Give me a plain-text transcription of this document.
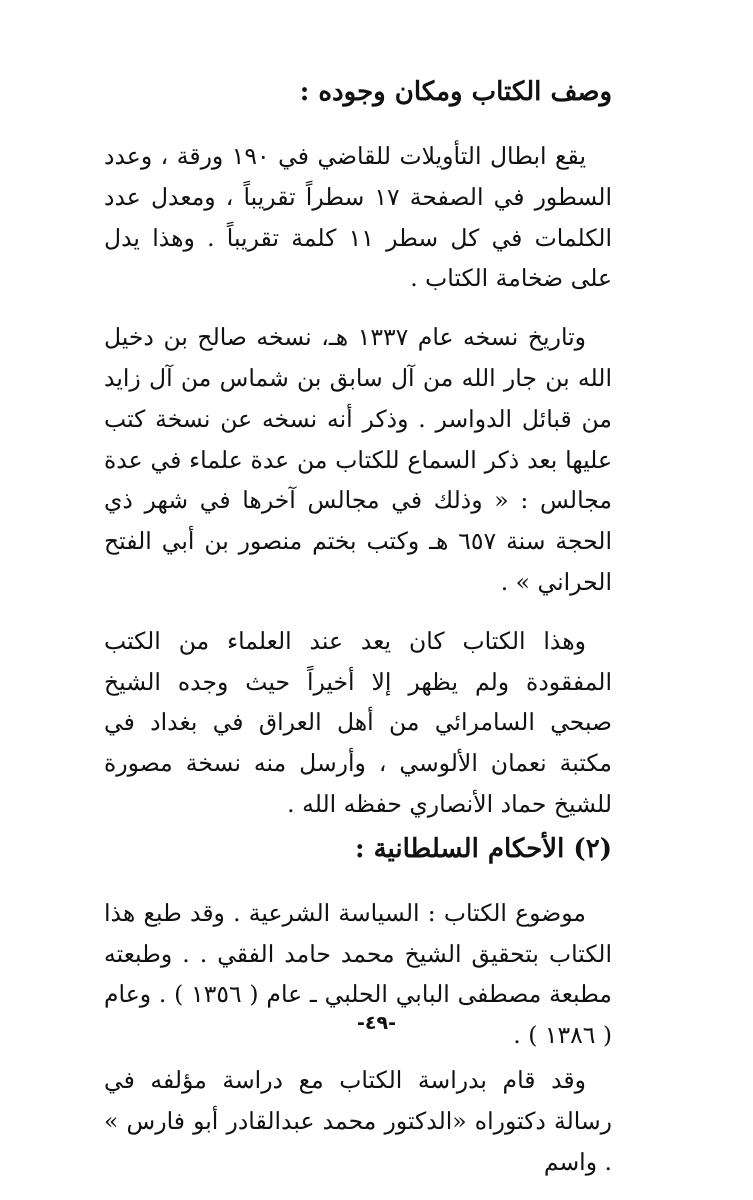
وصف الكتاب ومكان وجوده :

يقع ابطال التأويلات للقاضي في ١٩٠ ورقة ، وعدد السطور في الصفحة ١٧ سطراً تقريباً ، ومعدل عدد الكلمات في كل سطر ١١ كلمة تقريباً . وهذا يدل على ضخامة الكتاب .

وتاريخ نسخه عام ١٣٣٧ هـ، نسخه صالح بن دخيل الله بن جار الله من آل سابق بن شماس من آل زايد من قبائل الدواسر . وذكر أنه نسخه عن نسخة كتب عليها بعد ذكر السماع للكتاب من عدة علماء في عدة مجالس : « وذلك في مجالس آخرها في شهر ذي الحجة سنة ٦٥٧ هـ وكتب بختم منصور بن أبي الفتح الحراني » .

وهذا الكتاب كان يعد عند العلماء من الكتب المفقودة ولم يظهر إلا أخيراً حيث وجده الشيخ صبحي السامرائي من أهل العراق في بغداد في مكتبة نعمان الألوسي ، وأرسل منه نسخة مصورة للشيخ حماد الأنصاري حفظه الله .

(٢) الأحكام السلطانية :

موضوع الكتاب : السياسة الشرعية . وقد طبع هذا الكتاب بتحقيق الشيخ محمد حامد الفقي . . وطبعته مطبعة مصطفى البابي الحلبي ـ عام ( ١٣٥٦ ) . وعام ( ١٣٨٦ ) .

وقد قام بدراسة الكتاب مع دراسة مؤلفه في رسالة دكتوراه «الدكتور محمد عبدالقادر أبو فارس » . واسم

-٤٩-
